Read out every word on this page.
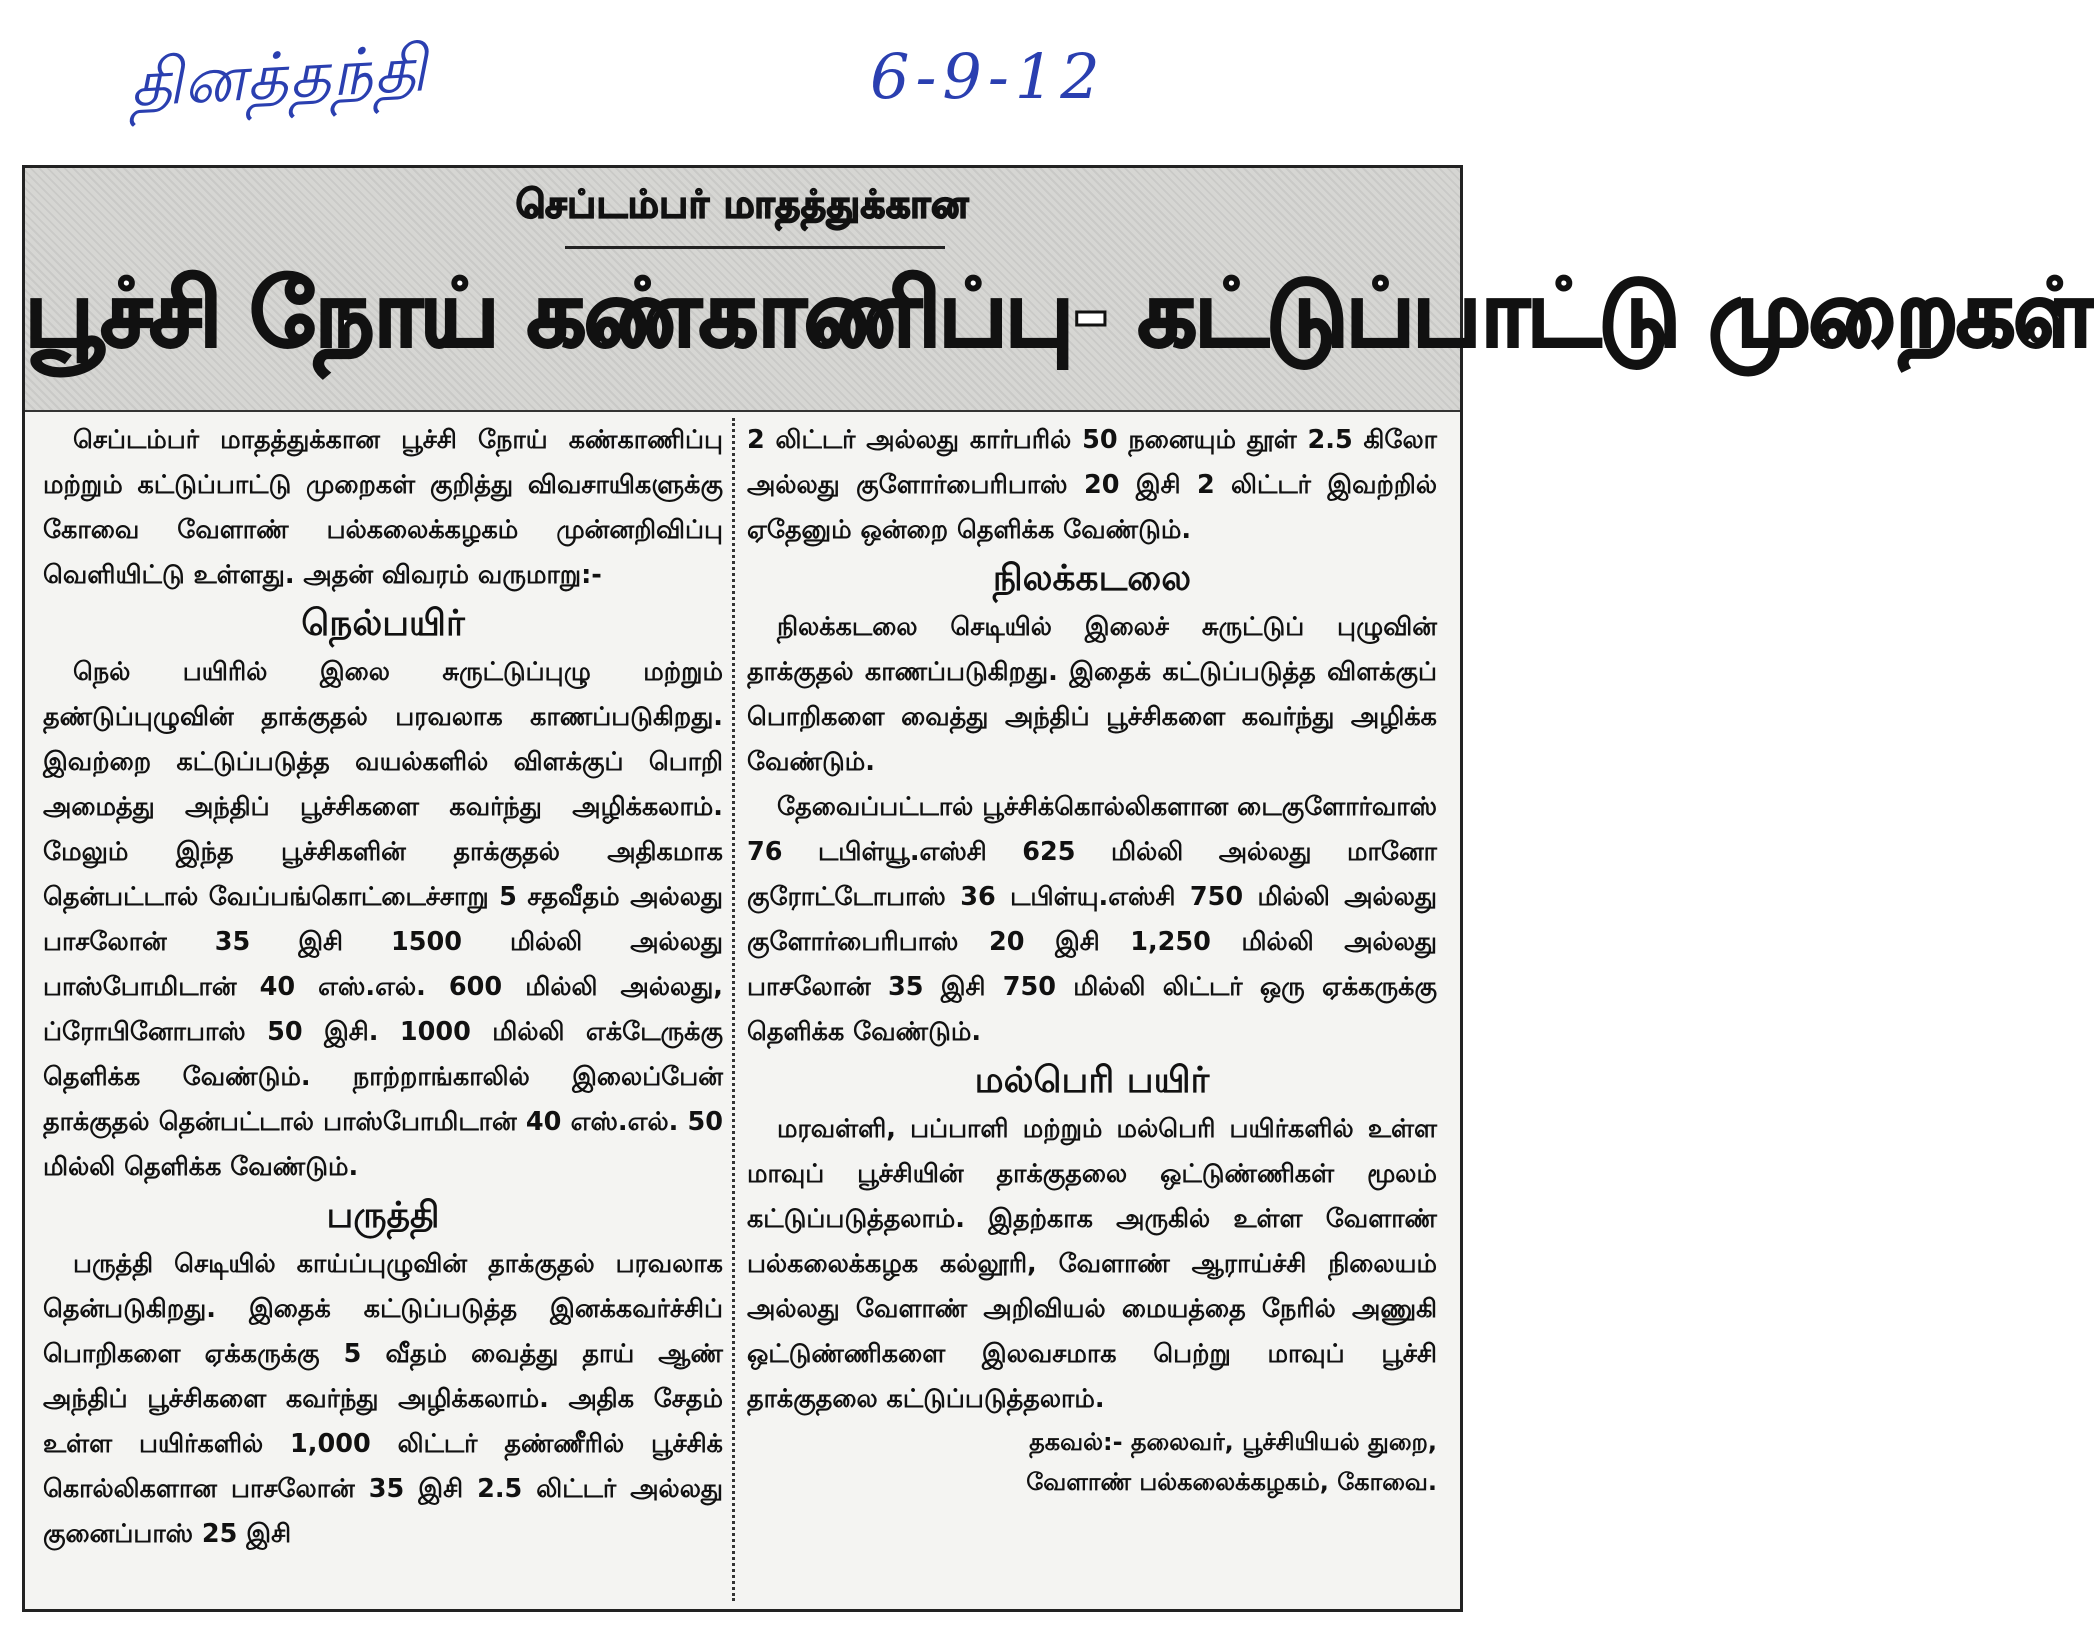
தினத்தந்தி	6-9-12
செப்டம்பர் மாதத்துக்கான
பூச்சி நோய் கண்காணிப்பு- கட்டுப்பாட்டு முறைகள்

செப்டம்பர் மாதத்துக்கான பூச்சி நோய் கண்காணிப்பு மற்றும் கட்டுப்பாட்டு முறைகள் குறித்து விவசாயிகளுக்கு கோவை வேளாண் பல்கலைக்கழகம் முன்னறிவிப்பு வெளியிட்டு உள்ளது. அதன் விவரம் வருமாறு:-

நெல்பயிர்

நெல் பயிரில் இலை சுருட்டுப்புழு மற்றும் தண்டுப்புழுவின் தாக்குதல் பரவலாக காணப்படுகிறது. இவற்றை கட்டுப்படுத்த வயல்களில் விளக்குப் பொறி அமைத்து அந்திப் பூச்சிகளை கவர்ந்து அழிக்கலாம். மேலும் இந்த பூச்சிகளின் தாக்குதல் அதிகமாக தென்பட்டால் வேப்பங்கொட்டைச்சாறு 5 சதவீதம் அல்லது பாசலோன் 35 இசி 1500 மில்லி அல்லது பாஸ்போமிடான் 40 எஸ்.எல். 600 மில்லி அல்லது, ப்ரோபினோபாஸ் 50 இசி. 1000 மில்லி எக்டேருக்கு தெளிக்க வேண்டும். நாற்றாங்காலில் இலைப்பேன் தாக்குதல் தென்பட்டால் பாஸ்போமிடான் 40 எஸ்.எல். 50 மில்லி தெளிக்க வேண்டும்.

பருத்தி

பருத்தி செடியில் காய்ப்புழுவின் தாக்குதல் பரவலாக தென்படுகிறது. இதைக் கட்டுப்படுத்த இனக்கவர்ச்சிப் பொறிகளை ஏக்கருக்கு 5 வீதம் வைத்து தாய் ஆண் அந்திப் பூச்சிகளை கவர்ந்து அழிக்கலாம். அதிக சேதம் உள்ள பயிர்களில் 1,000 லிட்டர் தண்ணீரில் பூச்சிக் கொல்லிகளான பாசலோன் 35 இசி 2.5 லிட்டர் அல்லது குனைப்பாஸ் 25 இசி

2 லிட்டர் அல்லது கார்பரில் 50 நனையும் தூள் 2.5 கிலோ அல்லது குளோர்பைரிபாஸ் 20 இசி 2 லிட்டர் இவற்றில் ஏதேனும் ஒன்றை தெளிக்க வேண்டும்.

நிலக்கடலை

நிலக்கடலை செடியில் இலைச் சுருட்டுப் புழுவின் தாக்குதல் காணப்படுகிறது. இதைக் கட்டுப்படுத்த விளக்குப் பொறிகளை வைத்து அந்திப் பூச்சிகளை கவர்ந்து அழிக்க வேண்டும்.

தேவைப்பட்டால் பூச்சிக்கொல்லிகளான டைகுளோர்வாஸ் 76 டபிள்யூ.எஸ்சி 625 மில்லி அல்லது மானோ குரோட்டோபாஸ் 36 டபிள்யு.எஸ்சி 750 மில்லி அல்லது குளோர்பைரிபாஸ் 20 இசி 1,250 மில்லி அல்லது பாசலோன் 35 இசி 750 மில்லி லிட்டர் ஒரு ஏக்கருக்கு தெளிக்க வேண்டும்.

மல்பெரி பயிர்

மரவள்ளி, பப்பாளி மற்றும் மல்பெரி பயிர்களில் உள்ள மாவுப் பூச்சியின் தாக்குதலை ஒட்டுண்ணிகள் மூலம் கட்டுப்படுத்தலாம். இதற்காக அருகில் உள்ள வேளாண் பல்கலைக்கழக கல்லூரி, வேளாண் ஆராய்ச்சி நிலையம் அல்லது வேளாண் அறிவியல் மையத்தை நேரில் அணுகி ஒட்டுண்ணிகளை இலவசமாக பெற்று மாவுப் பூச்சி தாக்குதலை கட்டுப்படுத்தலாம்.

தகவல்:- தலைவர், பூச்சியியல் துறை,

வேளாண் பல்கலைக்கழகம், கோவை.
